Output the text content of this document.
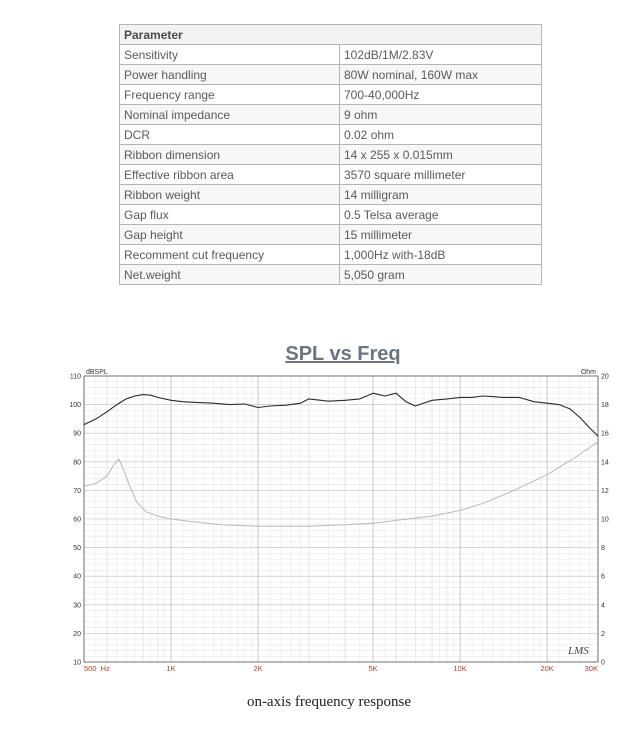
Parameter	
Sensitivity	102dB/1M/2.83V
Power handling	80W nominal, 160W max
Frequency range	700-40,000Hz
Nominal impedance	9 ohm
DCR	0.02 ohm
Ribbon dimension	14 x 255 x 0.015mm
Effective ribbon area	3570 square millimeter
Ribbon weight	14 milligram
Gap flux	0.5 Telsa average
Gap height	15 millimeter
Recomment cut frequency	1,000Hz with-18dB
Net.weight	5,050 gram
SPL vs Freq
110
100
90
80
70
60
50
40
30
20
10
20
18
16
14
12
10
8
6
4
2
0
dBSPL	Ohm
500  Hz	1K	2K	5K	10K	20K	30K
LMS
on-axis frequency response
